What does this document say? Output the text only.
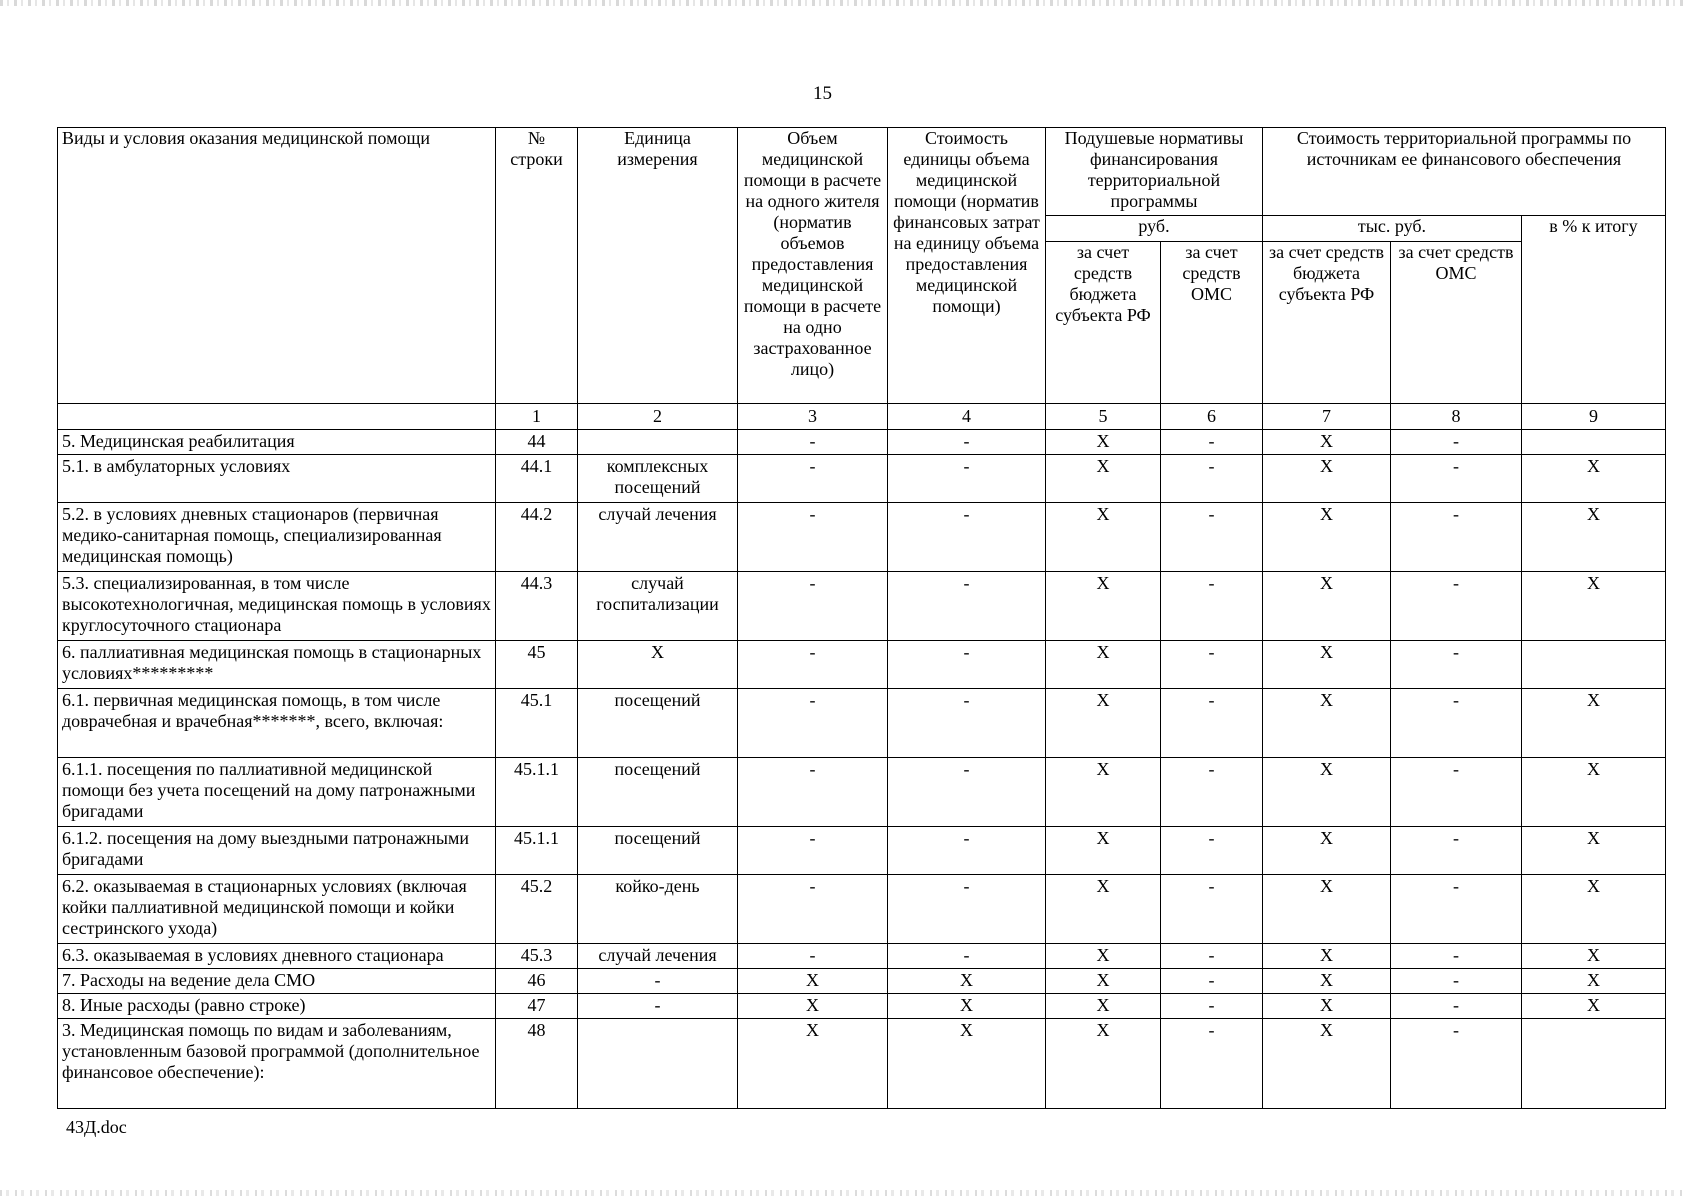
15
Виды и условия оказания медицинской помощи	№ строки	Единица измерения	Объем медицинской помощи в расчете на одного жителя (норматив объемов предоставления медицинской помощи в расчете на одно застрахованное лицо)	Стоимость единицы объема медицинской помощи (норматив финансовых затрат на единицу объема предоставления медицинской помощи)	Подушевые нормативы финансирования территориальной программы		Стоимость территориальной программы по источникам ее финансового обеспечения		
					руб.		тыс. руб.		в % к итогу
					за счет средств бюджета субъекта РФ	за счет средств ОМС	за счет средств бюджета субъекта РФ	за счет средств ОМС	
	1	2	3	4	5	6	7	8	9
5. Медицинская реабилитация	44		-	-	X	-	X	-	
5.1. в амбулаторных условиях	44.1	комплексных посещений	-	-	X	-	X	-	X
5.2. в условиях дневных стационаров (первичная медико-санитарная помощь, специализированная медицинская помощь)	44.2	случай лечения	-	-	X	-	X	-	X
5.3. специализированная, в том числе высокотехнологичная, медицинская помощь в условиях круглосуточного стационара	44.3	случай госпитализации	-	-	X	-	X	-	X
6. паллиативная медицинская помощь в стационарных условиях*********	45	X	-	-	X	-	X	-	
6.1. первичная медицинская помощь, в том числе доврачебная и врачебная*******, всего, включая:	45.1	посещений	-	-	X	-	X	-	X
6.1.1. посещения по паллиативной медицинской помощи без учета посещений на дому патронажными бригадами	45.1.1	посещений	-	-	X	-	X	-	X
6.1.2. посещения на дому выездными патронажными бригадами	45.1.1	посещений	-	-	X	-	X	-	X
6.2. оказываемая в стационарных условиях (включая койки паллиативной медицинской помощи и койки сестринского ухода)	45.2	койко-день	-	-	X	-	X	-	X
6.3. оказываемая в условиях дневного стационара	45.3	случай лечения	-	-	X	-	X	-	X
7. Расходы на ведение дела СМО	46	-	X	X	X	-	X	-	X
8. Иные расходы (равно строке)	47	-	X	X	X	-	X	-	X
3. Медицинская помощь по видам и заболеваниям, установленным базовой программой (дополнительное финансовое обеспечение):	48		X	X	X	-	X	-	
43Д.doc
